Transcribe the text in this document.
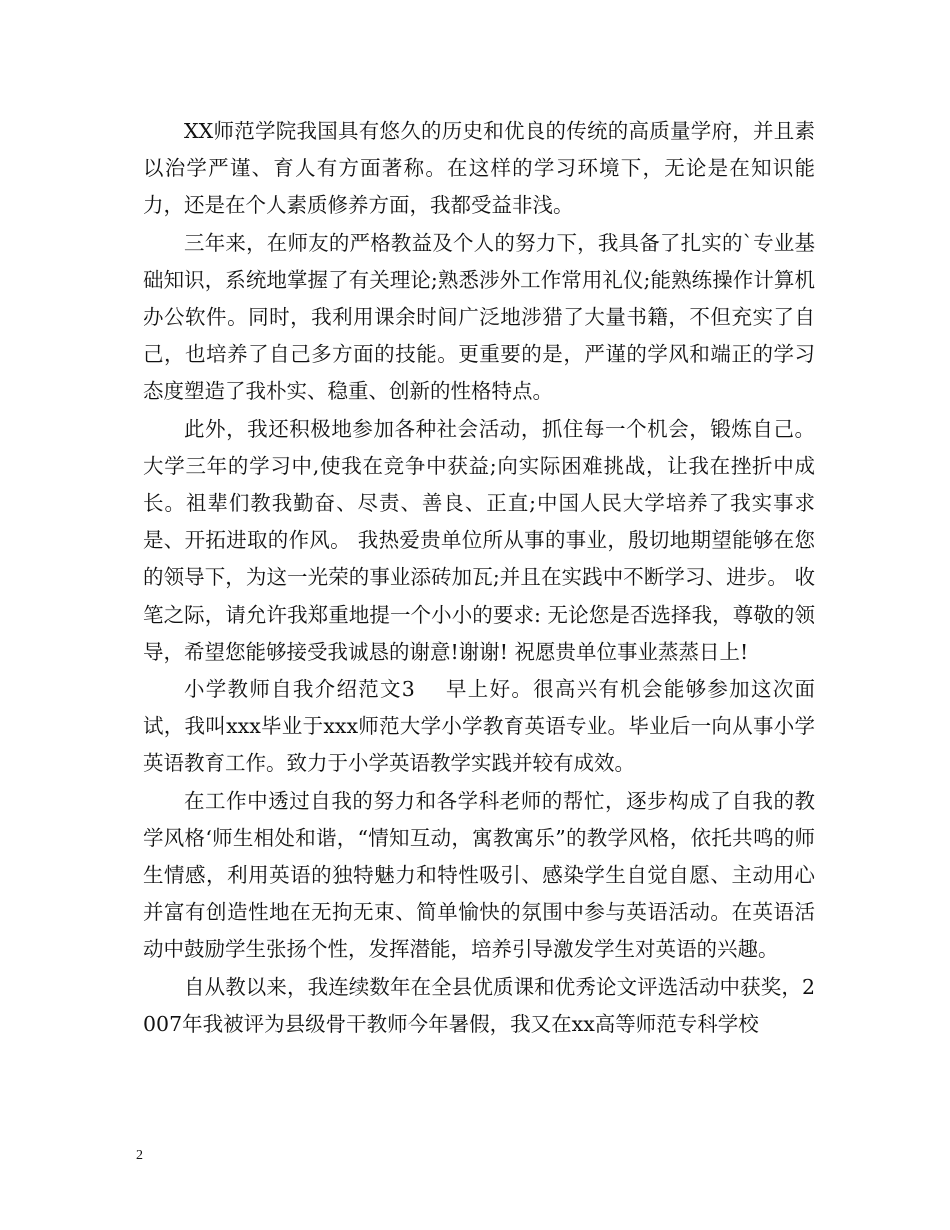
XX师范学院我国具有悠久的历史和优良的传统的高质量学府，并且素以治学严谨、育人有方面著称。在这样的学习环境下，无论是在知识能力，还是在个人素质修养方面，我都受益非浅。

三年来，在师友的严格教益及个人的努力下，我具备了扎实的`专业基础知识，系统地掌握了有关理论;熟悉涉外工作常用礼仪;能熟练操作计算机办公软件。同时，我利用课余时间广泛地涉猎了大量书籍，不但充实了自己，也培养了自己多方面的技能。更重要的是，严谨的学风和端正的学习态度塑造了我朴实、稳重、创新的性格特点。

此外，我还积极地参加各种社会活动，抓住每一个机会，锻炼自己。大学三年的学习中,使我在竞争中获益;向实际困难挑战，让我在挫折中成长。祖辈们教我勤奋、尽责、善良、正直;中国人民大学培养了我实事求是、开拓进取的作风。 我热爱贵单位所从事的事业，殷切地期望能够在您的领导下，为这一光荣的事业添砖加瓦;并且在实践中不断学习、进步。 收笔之际，请允许我郑重地提一个小小的要求: 无论您是否选择我，尊敬的领导，希望您能够接受我诚恳的谢意!谢谢! 祝愿贵单位事业蒸蒸日上!

小学教师自我介绍范文3    早上好。很高兴有机会能够参加这次面试，我叫xxx毕业于xxx师范大学小学教育英语专业。毕业后一向从事小学英语教育工作。致力于小学英语教学实践并较有成效。

在工作中透过自我的努力和各学科老师的帮忙，逐步构成了自我的教学风格‘师生相处和谐，“情知互动，寓教寓乐”的教学风格，依托共鸣的师生情感，利用英语的独特魅力和特性吸引、感染学生自觉自愿、主动用心并富有创造性地在无拘无束、简单愉快的氛围中参与英语活动。在英语活动中鼓励学生张扬个性，发挥潜能，培养引导激发学生对英语的兴趣。

自从教以来，我连续数年在全县优质课和优秀论文评选活动中获奖，2007年我被评为县级骨干教师今年暑假，我又在xx高等师范专科学校

2
